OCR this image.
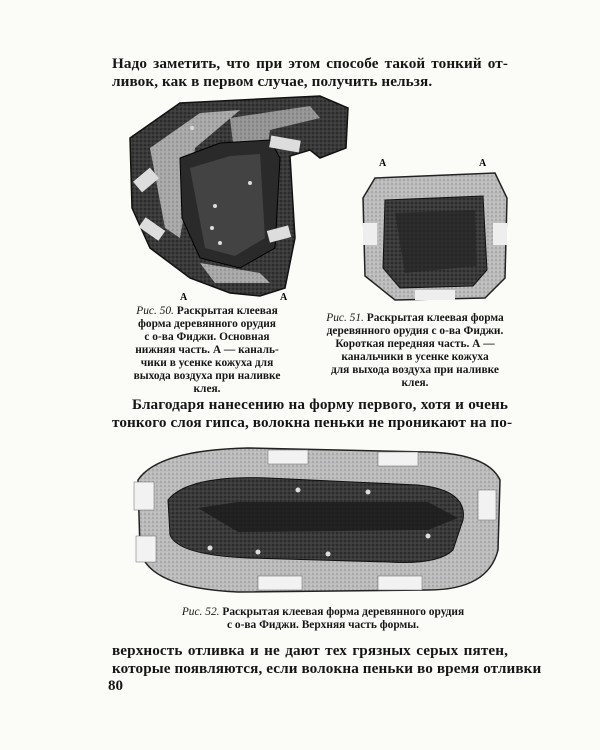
Надо заметить, что при этом способе такой тонкий от-
ливок, как в первом случае, получить нельзя.
А	А
А	А
Рис. 50. Раскрытая клеевая
форма деревянного орудия
с о-ва Фиджи. Основная
нижняя часть. А — каналь-
чики в усенке кожуха для
выхода воздуха при наливке
клея.
Рис. 51. Раскрытая клеевая форма
деревянного орудия с о-ва Фиджи.
Короткая передняя часть. А —
канальчики в усенке кожуха
для выхода воздуха при наливке
клея.
Благодаря нанесению на форму первого, хотя и очень
тонкого слоя гипса, волокна пеньки не проникают на по-
Рис. 52. Раскрытая клеевая форма деревянного орудия
с о-ва Фиджи. Верхняя часть формы.
верхность отливка и не дают тех грязных серых пятен,
которые появляются, если волокна пеньки во время отливки
80
